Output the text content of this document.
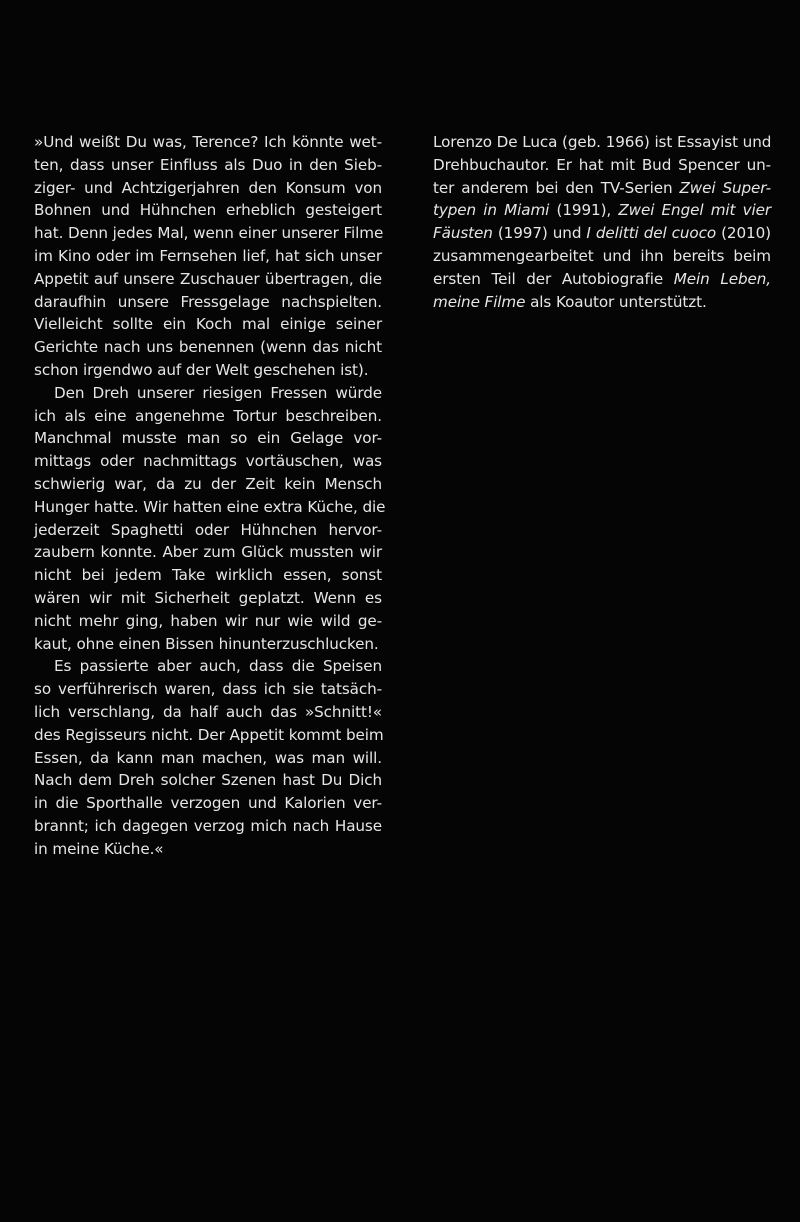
»Und weißt Du was, Terence? Ich könnte wet-
ten, dass unser Einfluss als Duo in den Sieb-
ziger- und Achtzigerjahren den Konsum von
Bohnen und Hühnchen erheblich gesteigert
hat. Denn jedes Mal, wenn einer unserer Filme
im Kino oder im Fernsehen lief, hat sich unser
Appetit auf unsere Zuschauer übertragen, die
daraufhin unsere Fressgelage nachspielten.
Vielleicht sollte ein Koch mal einige seiner
Gerichte nach uns benennen (wenn das nicht
schon irgendwo auf der Welt geschehen ist).
Den Dreh unserer riesigen Fressen würde
ich als eine angenehme Tortur beschreiben.
Manchmal musste man so ein Gelage vor-
mittags oder nachmittags vortäuschen, was
schwierig war, da zu der Zeit kein Mensch
Hunger hatte. Wir hatten eine extra Küche, die
jederzeit Spaghetti oder Hühnchen hervor-
zaubern konnte. Aber zum Glück mussten wir
nicht bei jedem Take wirklich essen, sonst
wären wir mit Sicherheit geplatzt. Wenn es
nicht mehr ging, haben wir nur wie wild ge-
kaut, ohne einen Bissen hinunterzuschlucken.
Es passierte aber auch, dass die Speisen
so verführerisch waren, dass ich sie tatsäch-
lich verschlang, da half auch das »Schnitt!«
des Regisseurs nicht. Der Appetit kommt beim
Essen, da kann man machen, was man will.
Nach dem Dreh solcher Szenen hast Du Dich
in die Sporthalle verzogen und Kalorien ver-
brannt; ich dagegen verzog mich nach Hause
in meine Küche.«
Lorenzo De Luca (geb. 1966) ist Essayist und
Drehbuchautor. Er hat mit Bud Spencer un-
ter anderem bei den TV-Serien Zwei Super-
typen in Miami (1991), Zwei Engel mit vier
Fäusten (1997) und I delitti del cuoco (2010)
zusammengearbeitet und ihn bereits beim
ersten Teil der Autobiografie Mein Leben,
meine Filme als Koautor unterstützt.
